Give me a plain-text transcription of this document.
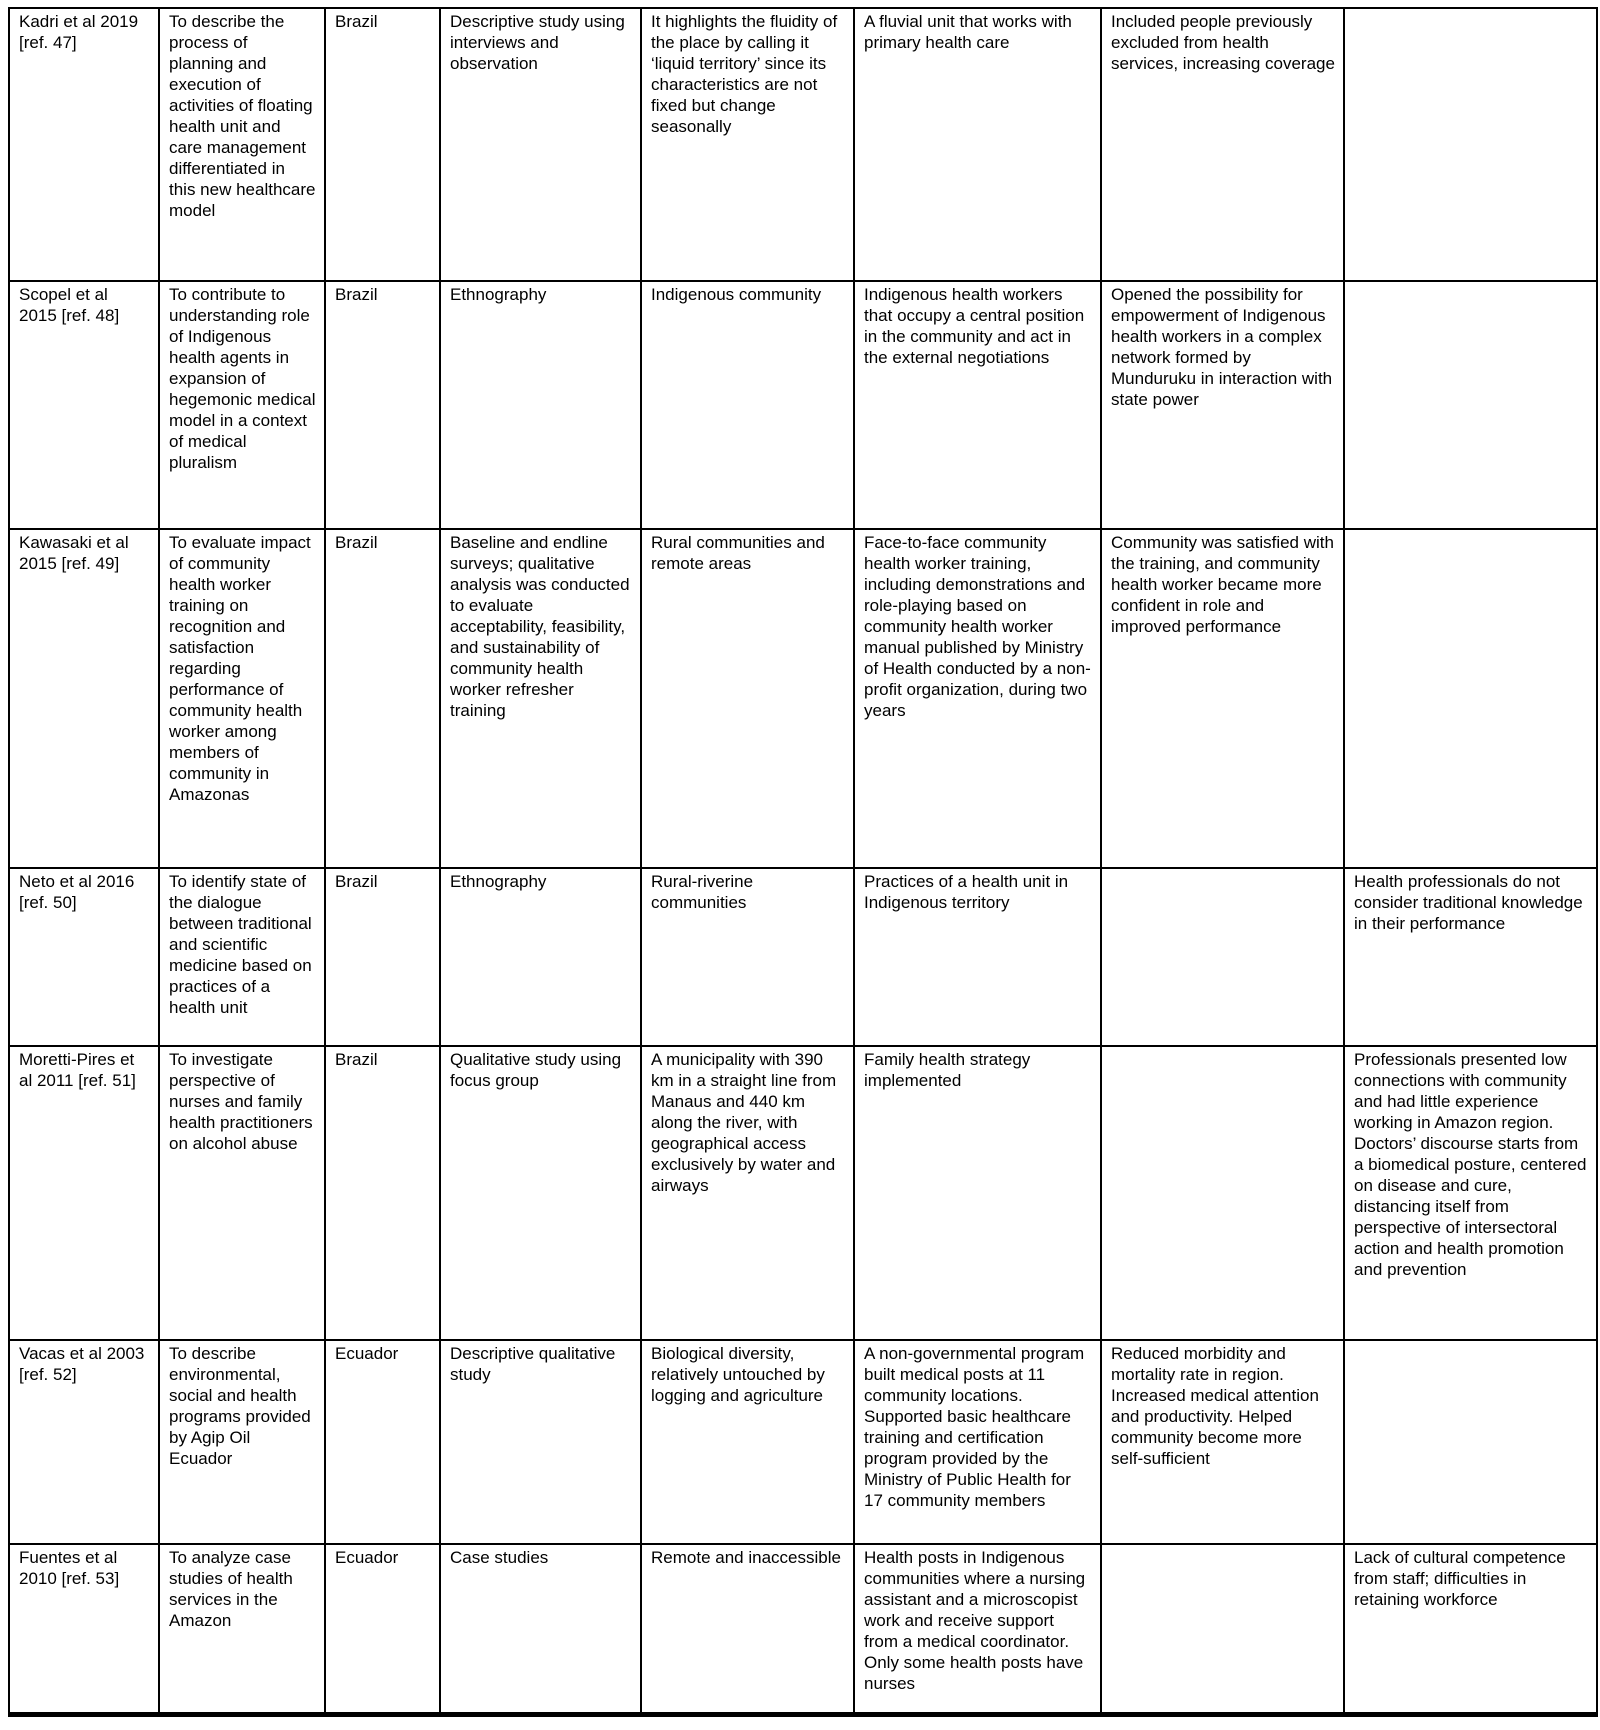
Kadri et al 2019 [ref. 47]	To describe the process of planning and execution of activities of floating health unit and care management differentiated in this new healthcare model	Brazil	Descriptive study using interviews and observation	It highlights the fluidity of the place by calling it ‘liquid territory’ since its characteristics are not fixed but change seasonally	A fluvial unit that works with primary health care	Included people previously excluded from health services, increasing coverage	

Scopel et al 2015 [ref. 48]	To contribute to understanding role of Indigenous health agents in expansion of hegemonic medical model in a context of medical pluralism	Brazil	Ethnography	Indigenous community	Indigenous health workers that occupy a central position in the community and act in the external negotiations	Opened the possibility for empowerment of Indigenous health workers in a complex network formed by Munduruku in interaction with state power	

Kawasaki et al 2015 [ref. 49]	To evaluate impact of community health worker training on recognition and satisfaction regarding performance of community health worker among members of community in Amazonas	Brazil	Baseline and endline surveys; qualitative analysis was conducted to evaluate acceptability, feasibility, and sustainability of community health worker refresher training	Rural communities and remote areas	Face-to-face community health worker training, including demonstrations and role-playing based on community health worker manual published by Ministry of Health conducted by a non-profit organization, during two years	Community was satisfied with the training, and community health worker became more confident in role and improved performance	

Neto et al 2016 [ref. 50]	To identify state of the dialogue between traditional and scientific medicine based on practices of a health unit	Brazil	Ethnography	Rural-riverine communities	Practices of a health unit in Indigenous territory		Health professionals do not consider traditional knowledge in their performance

Moretti-Pires et al 2011 [ref. 51]	To investigate perspective of nurses and family health practitioners on alcohol abuse	Brazil	Qualitative study using focus group	A municipality with 390 km in a straight line from Manaus and 440 km along the river, with geographical access exclusively by water and airways	Family health strategy implemented		Professionals presented low connections with community and had little experience working in Amazon region. Doctors’ discourse starts from a biomedical posture, centered on disease and cure, distancing itself from perspective of intersectoral action and health promotion and prevention

Vacas et al 2003 [ref. 52]	To describe environmental, social and health programs provided by Agip Oil Ecuador	Ecuador	Descriptive qualitative study	Biological diversity, relatively untouched by logging and agriculture	A non-governmental program built medical posts at 11 community locations. Supported basic healthcare training and certification program provided by the Ministry of Public Health for 17 community members	Reduced morbidity and mortality rate in region. Increased medical attention and productivity. Helped community become more self-sufficient	

Fuentes et al 2010 [ref. 53]	To analyze case studies of health services in the Amazon	Ecuador	Case studies	Remote and inaccessible	Health posts in Indigenous communities where a nursing assistant and a microscopist work and receive support from a medical coordinator. Only some health posts have nurses		Lack of cultural competence from staff; difficulties in retaining workforce
